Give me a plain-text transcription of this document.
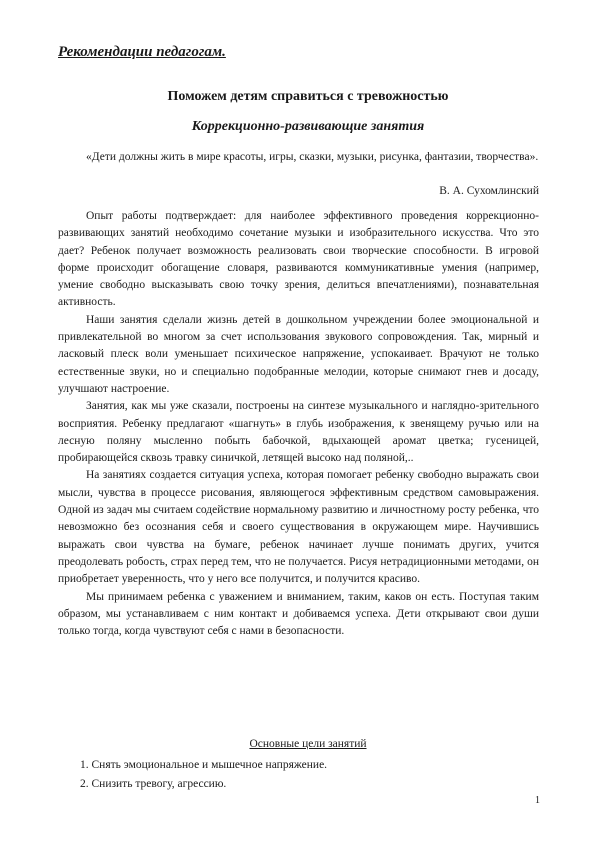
Рекомендации педагогам.
Поможем детям справиться с тревожностью
Коррекционно-развивающие занятия

«Дети должны жить в мире красоты, игры, сказки, музыки, рисунка, фантазии, творчества».

В. А. Сухомлинский

Опыт работы подтверждает: для наиболее эффективного проведения коррекционно-развивающих занятий необходимо сочетание музыки и изобразительного искусства. Что это дает? Ребенок получает возможность реализовать свои творческие способности. В игровой форме происходит обогащение словаря, развиваются коммуникативные умения (например, умение свободно высказывать свою точку зрения, делиться впечатлениями), познавательная активность.

Наши занятия сделали жизнь детей в дошкольном учреждении более эмоциональной и привлекательной во многом за счет использования звукового сопровождения. Так, мирный и ласковый плеск воли уменьшает психическое напряжение, успокаивает. Врачуют не только естественные звуки, но и специально подобранные мелодии, которые снимают гнев и досаду, улучшают настроение.

Занятия, как мы уже сказали, построены на синтезе музыкального и наглядно-зрительного восприятия. Ребенку предлагают «шагнуть» в глубь изображения, к звенящему ручью или на лесную поляну мысленно побыть бабочкой, вдыхающей аромат цветка; гусеницей, пробирающейся сквозь травку синичкой, летящей высоко над поляной,..

На занятиях создается ситуация успеха, которая помогает ребенку свободно выражать свои мысли, чувства в процессе рисования, являющегося эффективным средством самовыражения. Одной из задач мы считаем содействие нормальному развитию и личностному росту ребенка, что невозможно без осознания себя и своего существования в окружающем мире. Научившись выражать свои чувства на бумаге, ребенок начинает лучше понимать других, учится преодолевать робость, страх перед тем, что не получается. Рисуя нетрадиционными методами, он приобретает уверенность, что у него все получится, и получится красиво.

Мы принимаем ребенка с уважением и вниманием, таким, каков он есть. Поступая таким образом, мы устанавливаем с ним контакт и добиваемся успеха. Дети открывают свои души только тогда, когда чувствуют себя с нами в безопасности.

Основные цели занятий
1. Снять эмоциональное и мышечное напряжение.
2. Снизить тревогу, агрессию.
1
